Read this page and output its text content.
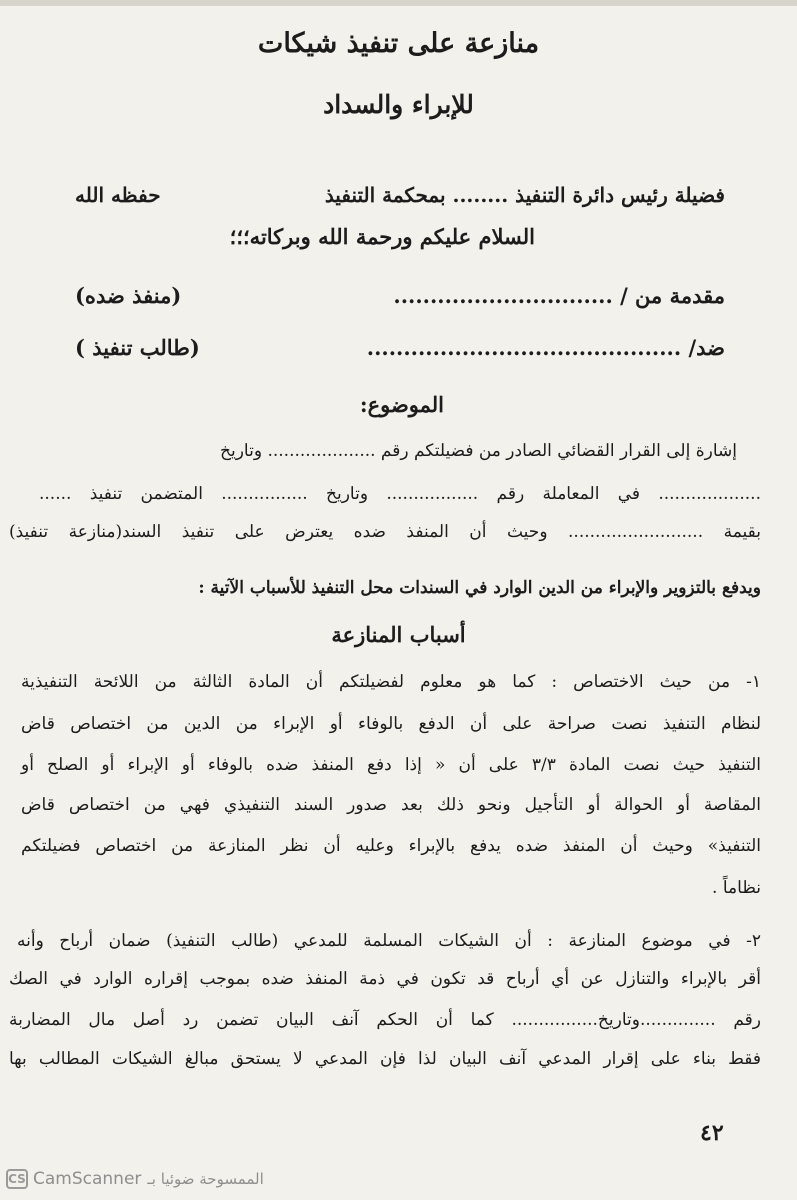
منازعة على تنفيذ شيكات
للإبراء والسداد
فضيلة رئيس دائرة التنفيذ ........ بمحكمة التنفيذ
حفظه الله
السلام عليكم ورحمة الله وبركاته؛؛؛
مقدمة من / ..............................
(منفذ ضده)
ضد/ ...........................................
(طالب تنفيذ )
الموضوع:
إشارة إلى القرار القضائي الصادر من فضيلتكم رقم .................... وتاريخ
................... في المعاملة رقم ................. وتاريخ ................ المتضمن تنفيذ ......
بقيمة ......................... وحيث أن المنفذ ضده يعترض على تنفيذ السند(منازعة تنفيذ)
ويدفع بالتزوير والإبراء من الدين الوارد في السندات محل التنفيذ للأسباب الآتية :
أسباب المنازعة
١- من حيث الاختصاص : كما هو معلوم لفضيلتكم أن المادة الثالثة من اللائحة التنفيذية
لنظام التنفيذ نصت صراحة على أن الدفع بالوفاء أو الإبراء من الدين من اختصاص قاض
التنفيذ حيث نصت المادة ٣/٣ على أن « إذا دفع المنفذ ضده بالوفاء أو الإبراء أو الصلح أو
المقاصة أو الحوالة أو التأجيل ونحو ذلك بعد صدور السند التنفيذي فهي من اختصاص قاض
التنفيذ» وحيث أن المنفذ ضده يدفع بالإبراء وعليه أن نظر المنازعة من اختصاص فضيلتكم
نظاماً .
٢- في موضوع المنازعة : أن الشيكات المسلمة للمدعي (طالب التنفيذ) ضمان أرباح وأنه
أقر بالإبراء والتنازل عن أي أرباح قد تكون في ذمة المنفذ ضده بموجب إقراره الوارد في الصك
رقم ..............وتاريخ................ كما أن الحكم آنف البيان تضمن رد أصل مال المضاربة
فقط بناء على إقرار المدعي آنف البيان لذا فإن المدعي لا يستحق مبالغ الشيكات المطالب بها
٤٢
CS CamScanner الممسوحة ضوئيا بـ
